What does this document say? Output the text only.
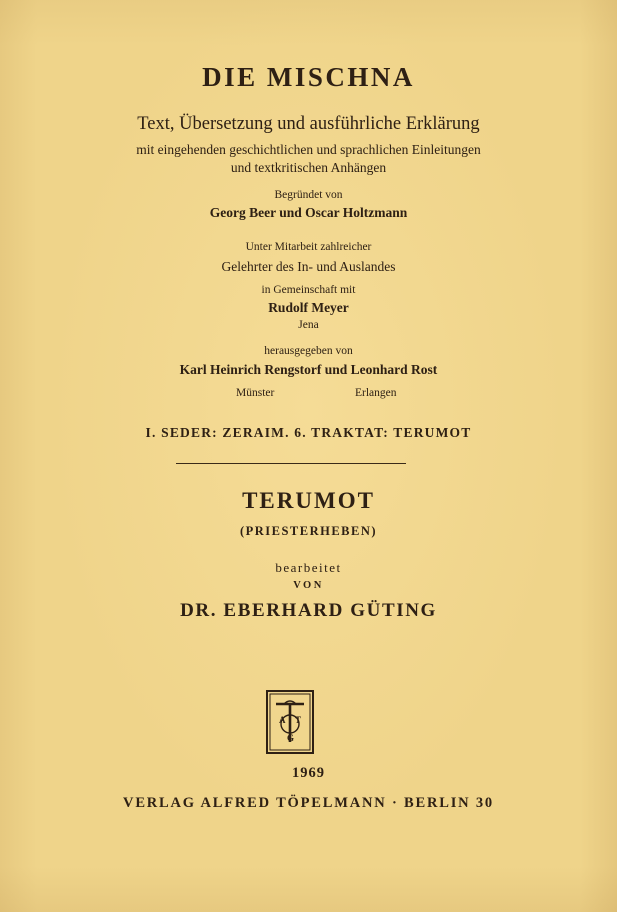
DIE MISCHNA
Text, Übersetzung und ausführliche Erklärung
mit eingehenden geschichtlichen und sprachlichen Einleitungen
und textkritischen Anhängen
Begründet von
Georg Beer und Oscar Holtzmann
Unter Mitarbeit zahlreicher
Gelehrter des In- und Auslandes
in Gemeinschaft mit
Rudolf Meyer
Jena
herausgegeben von
Karl Heinrich Rengstorf und Leonhard Rost
Münster	Erlangen
I. SEDER: ZERAIM. 6. TRAKTAT: TERUMOT
TERUMOT
(PRIESTERHEBEN)
bearbeitet
VON
DR. EBERHARD GÜTING
A T
G
1969
VERLAG ALFRED TÖPELMANN · BERLIN 30
